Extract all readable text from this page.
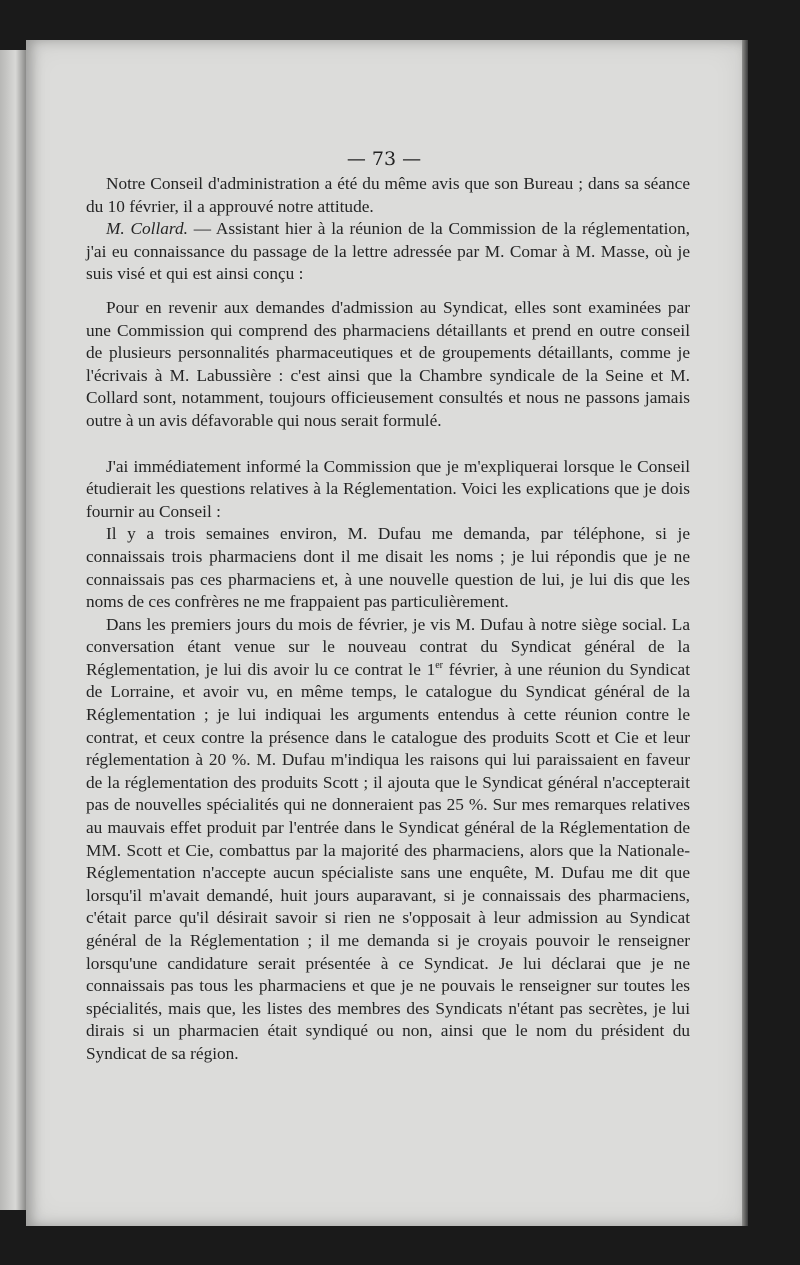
— 73 —

Notre Conseil d'administration a été du même avis que son Bureau ; dans sa séance du 10 février, il a approuvé notre attitude.

M. Collard. — Assistant hier à la réunion de la Commission de la réglementation, j'ai eu connaissance du passage de la lettre adressée par M. Comar à M. Masse, où je suis visé et qui est ainsi conçu :

Pour en revenir aux demandes d'admission au Syndicat, elles sont examinées par une Commission qui comprend des pharmaciens détaillants et prend en outre conseil de plusieurs personnalités pharmaceutiques et de groupements détaillants, comme je l'écrivais à M. Labussière : c'est ainsi que la Chambre syndicale de la Seine et M. Collard sont, notamment, toujours officieusement consultés et nous ne passons jamais outre à un avis défavorable qui nous serait formulé.

J'ai immédiatement informé la Commission que je m'expliquerai lorsque le Conseil étudierait les questions relatives à la Réglementation. Voici les explications que je dois fournir au Conseil :

Il y a trois semaines environ, M. Dufau me demanda, par téléphone, si je connaissais trois pharmaciens dont il me disait les noms ; je lui répondis que je ne connaissais pas ces pharmaciens et, à une nouvelle question de lui, je lui dis que les noms de ces confrères ne me frappaient pas particulièrement.

Dans les premiers jours du mois de février, je vis M. Dufau à notre siège social. La conversation étant venue sur le nouveau contrat du Syndicat général de la Réglementation, je lui dis avoir lu ce contrat le 1er février, à une réunion du Syndicat de Lorraine, et avoir vu, en même temps, le catalogue du Syndicat général de la Réglementation ; je lui indiquai les arguments entendus à cette réunion contre le contrat, et ceux contre la présence dans le catalogue des produits Scott et Cie et leur réglementation à 20 %. M. Dufau m'indiqua les raisons qui lui paraissaient en faveur de la réglementation des produits Scott ; il ajouta que le Syndicat général n'accepterait pas de nouvelles spécialités qui ne donneraient pas 25 %. Sur mes remarques relatives au mauvais effet produit par l'entrée dans le Syndicat général de la Réglementation de MM. Scott et Cie, combattus par la majorité des pharmaciens, alors que la Nationale-Réglementation n'accepte aucun spécialiste sans une enquête, M. Dufau me dit que lorsqu'il m'avait demandé, huit jours auparavant, si je connaissais des pharmaciens, c'était parce qu'il désirait savoir si rien ne s'opposait à leur admission au Syndicat général de la Réglementation ; il me demanda si je croyais pouvoir le renseigner lorsqu'une candidature serait présentée à ce Syndicat. Je lui déclarai que je ne connaissais pas tous les pharmaciens et que je ne pouvais le renseigner sur toutes les spécialités, mais que, les listes des membres des Syndicats n'étant pas secrètes, je lui dirais si un pharmacien était syndiqué ou non, ainsi que le nom du président du Syndicat de sa région.
